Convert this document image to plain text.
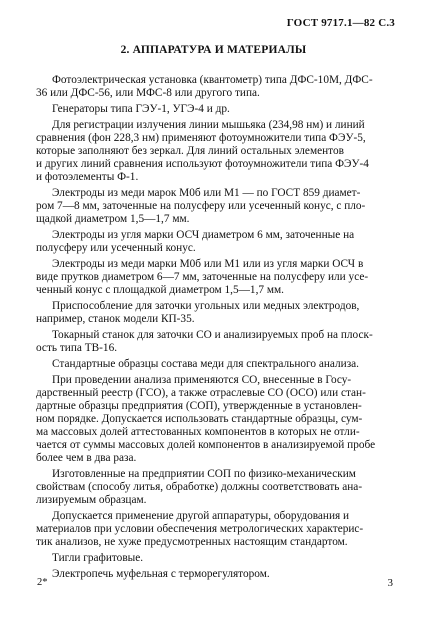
ГОСТ 9717.1—82 С.3
2. АППАРАТУРА И МАТЕРИАЛЫ
Фотоэлектрическая установка (квантометр) типа ДФС-10М, ДФС-
36 или ДФС-56, или МФС-8 или другого типа.
Генераторы типа ГЭУ-1, УГЭ-4 и др.
Для регистрации излучения линии мышьяка (234,98 нм) и линий
сравнения (фон 228,3 нм) применяют фотоумножители типа ФЭУ-5,
которые заполняют без зеркал. Для линий остальных элементов
и других линий сравнения используют фотоумножители типа ФЭУ-4
и фотоэлементы Ф-1.
Электроды из меди марок М0б или М1 — по ГОСТ 859 диамет-
ром 7—8 мм, заточенные на полусферу или усеченный конус, с пло-
щадкой диаметром 1,5—1,7 мм.
Электроды из угля марки ОСЧ диаметром 6 мм, заточенные на
полусферу или усеченный конус.
Электроды из меди марки М0б или М1 или из угля марки ОСЧ в
виде прутков диаметром 6—7 мм, заточенные на полусферу или усе-
ченный конус с площадкой диаметром 1,5—1,7 мм.
Приспособление для заточки угольных или медных электродов,
например, станок модели КП-35.
Токарный станок для заточки СО и анализируемых проб на плоск-
ость типа ТВ-16.
Стандартные образцы состава меди для спектрального анализа.
При проведении анализа применяются СО, внесенные в Госу-
дарственный реестр (ГСО), а также отраслевые СО (ОСО) или стан-
дартные образцы предприятия (СОП), утвержденные в установлен-
ном порядке. Допускается использовать стандартные образцы, сум-
ма массовых долей аттестованных компонентов в которых не отли-
чается от суммы массовых долей компонентов в анализируемой пробе
более чем в два раза.
Изготовленные на предприятии СОП по физико-механическим
свойствам (способу литья, обработке) должны соответствовать ана-
лизируемым образцам.
Допускается применение другой аппаратуры, оборудования и
материалов при условии обеспечения метрологических характерис-
тик анализов, не хуже предусмотренных настоящим стандартом.
Тигли графитовые.
Электропечь муфельная с терморегулятором.
2*	3
